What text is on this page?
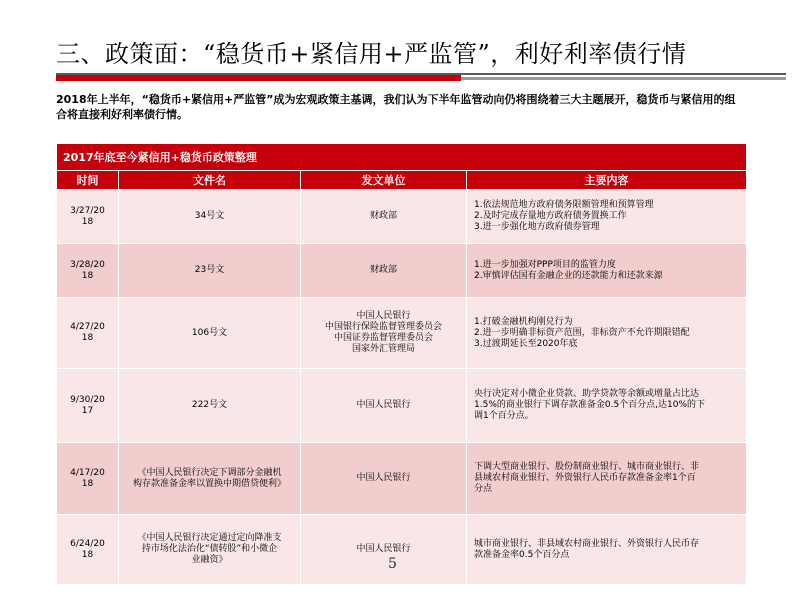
三、政策面：“稳货币+紧信用+严监管”，利好利率债行情
2018年上半年，“稳货币+紧信用+严监管”成为宏观政策主基调，我们认为下半年监管动向仍将围绕着三大主题展开，稳货币与紧信用的组合将直接利好利率债行情。
2017年底至今紧信用+稳货币政策整理			
时间	文件名	发文单位	主要内容

3/27/20
18	34号文	财政部	1.依法规范地方政府债务限额管理和预算管理
2.及时完成存量地方政府债务置换工作
3.进一步强化地方政府债券管理

3/28/20
18	23号文	财政部	1.进一步加强对PPP项目的监管力度
2.审慎评估国有金融企业的还款能力和还款来源

4/27/20
18	106号文	中国人民银行
中国银行保险监督管理委员会
中国证券监督管理委员会
国家外汇管理局	1.打破金融机构刚兑行为
2.进一步明确非标资产范围，非标资产不允许期限错配
3.过渡期延长至2020年底

9/30/20
17	222号文	中国人民银行	央行决定对小微企业贷款、助学贷款等余额或增量占比达
1.5%的商业银行下调存款准备金0.5个百分点,达10%的下
调1个百分点。

4/17/20
18	《中国人民银行决定下调部分金融机
构存款准备金率以置换中期借贷便利》	中国人民银行	下调大型商业银行、股份制商业银行、城市商业银行、非
县域农村商业银行、外资银行人民币存款准备金率1个百
分点

6/24/20
18	《中国人民银行决定通过定向降准支
持市场化法治化“债转股”和小微企
业融资》	中国人民银行	城市商业银行、非县域农村商业银行、外资银行人民币存
款准备金率0.5个百分点
5
